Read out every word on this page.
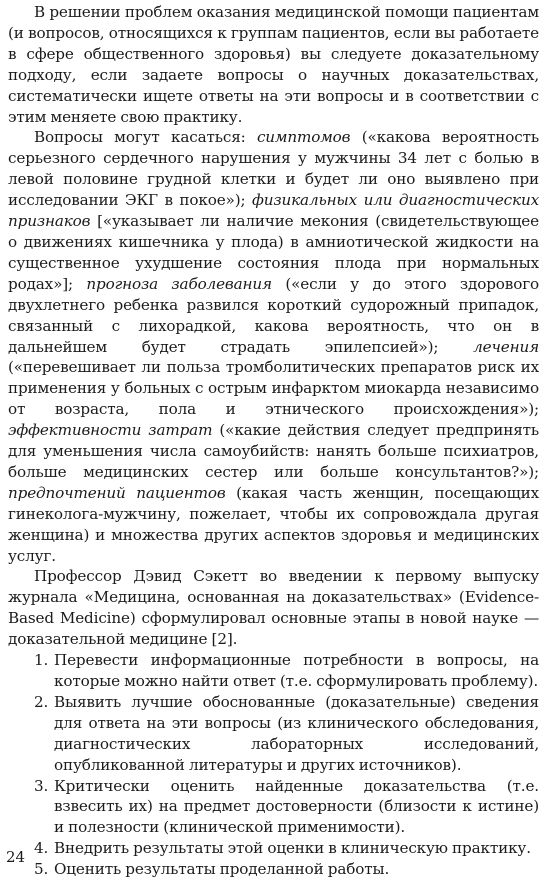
В решении проблем оказания медицинской помощи пациентам (и вопросов, относящихся к группам пациентов, если вы работаете в сфере общественного здоровья) вы следуете доказательному подходу, если задаете вопросы о научных доказательствах, систематически ищете ответы на эти вопросы и в соответствии с этим меняете свою практику.

Вопросы могут касаться: симптомов («какова вероятность серьезного сердечного нарушения у мужчины 34 лет с болью в левой половине грудной клетки и будет ли оно выявлено при исследовании ЭКГ в покое»); физикальных или диагностических признаков [«указывает ли наличие мекония (свидетельствующее о движениях кишечника у плода) в амниотической жидкости на существенное ухудшение состояния плода при нормальных родах»]; прогноза заболевания («если у до этого здорового двухлетнего ребенка развился короткий судорожный припадок, связанный с лихорадкой, какова вероятность, что он в дальнейшем будет страдать эпилепсией»); лечения («перевешивает ли польза тромболитических препаратов риск их применения у больных с острым инфарктом миокарда независимо от возраста, пола и этнического происхождения»); эффективности затрат («какие действия следует предпринять для уменьшения числа самоубийств: нанять больше психиатров, больше медицинских сестер или больше консультантов?»); предпочтений пациентов (какая часть женщин, посещающих гинеколога-мужчину, пожелает, чтобы их сопровождала другая женщина) и множества других аспектов здоровья и медицинских услуг.

Профессор Дэвид Сэкетт во введении к первому выпуску журнала «Медицина, основанная на доказательствах» (Evidence-Based Medicine) сформулировал основные этапы в новой науке — доказательной медицине [2].

1. Перевести информационные потребности в вопросы, на которые можно найти ответ (т.е. сформулировать проблему).
2. Выявить лучшие обоснованные (доказательные) сведения для ответа на эти вопросы (из клинического обследования, диагностических лабораторных исследований, опубликованной литературы и других источников).
3. Критически оценить найденные доказательства (т.е. взвесить их) на предмет достоверности (близости к истине) и полезности (клинической применимости).
4. Внедрить результаты этой оценки в клиническую практику.
5. Оценить результаты проделанной работы.
24
